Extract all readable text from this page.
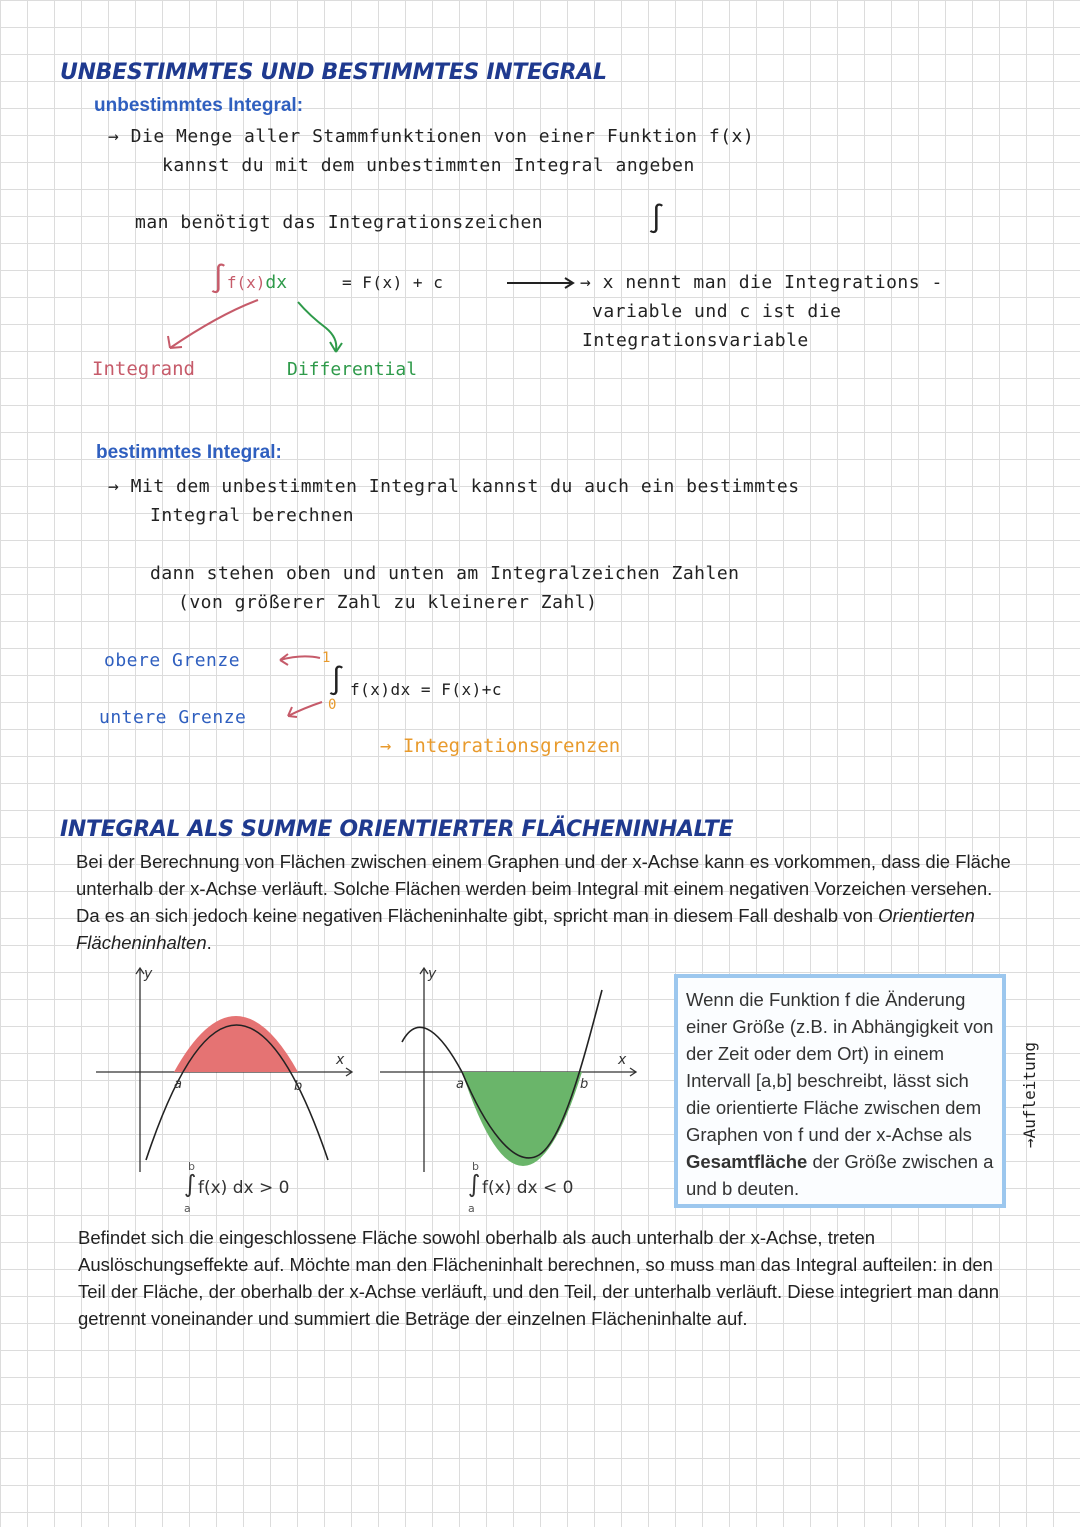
UNBESTIMMTES UND BESTIMMTES INTEGRAL
unbestimmtes Integral:
→ Die Menge aller Stammfunktionen von einer Funktion f(x)
kannst du mit dem unbestimmten Integral angeben
man benötigt das Integrationszeichen	∫
∫f(x)dx	= F(x) + c
Integrand	Differential
→ x nennt man die Integrations -
variable und c ist die
Integrationsvariable
bestimmtes Integral:
→ Mit dem unbestimmten Integral kannst du auch ein bestimmtes
Integral berechnen
dann stehen oben und unten am Integralzeichen Zahlen
(von größerer Zahl zu kleinerer Zahl)
obere Grenze
untere Grenze
1
0
∫ f(x)dx = F(x)+c
→ Integrationsgrenzen
INTEGRAL ALS SUMME ORIENTIERTER FLÄCHENINHALTE
Bei der Berechnung von Flächen zwischen einem Graphen und der x-Achse kann es vorkommen, dass die Fläche unterhalb der x-Achse verläuft. Solche Flächen werden beim Integral mit einem negativen Vorzeichen versehen. Da es an sich jedoch keine negativen Flächeninhalte gibt, spricht man in diesem Fall deshalb von Orientierten Flächeninhalten.
y
x
a	b
b
∫ f(x) dx > 0
a
y
x
a	b
b
∫ f(x) dx < 0
a
Wenn die Funktion f die Änderung einer Größe (z.B. in Abhängigkeit von der Zeit oder dem Ort) in einem Intervall [a,b] beschreibt, lässt sich die orientierte Fläche zwischen dem Graphen von f und der x-Achse als Gesamtfläche der Größe zwischen a und b deuten.
→Aufleitung
Befindet sich die eingeschlossene Fläche sowohl oberhalb als auch unterhalb der x-Achse, treten Auslöschungseffekte auf. Möchte man den Flächeninhalt berechnen, so muss man das Integral aufteilen: in den Teil der Fläche, der oberhalb der x-Achse verläuft, und den Teil, der unterhalb verläuft. Diese integriert man dann getrennt voneinander und summiert die Beträge der einzelnen Flächeninhalte auf.
